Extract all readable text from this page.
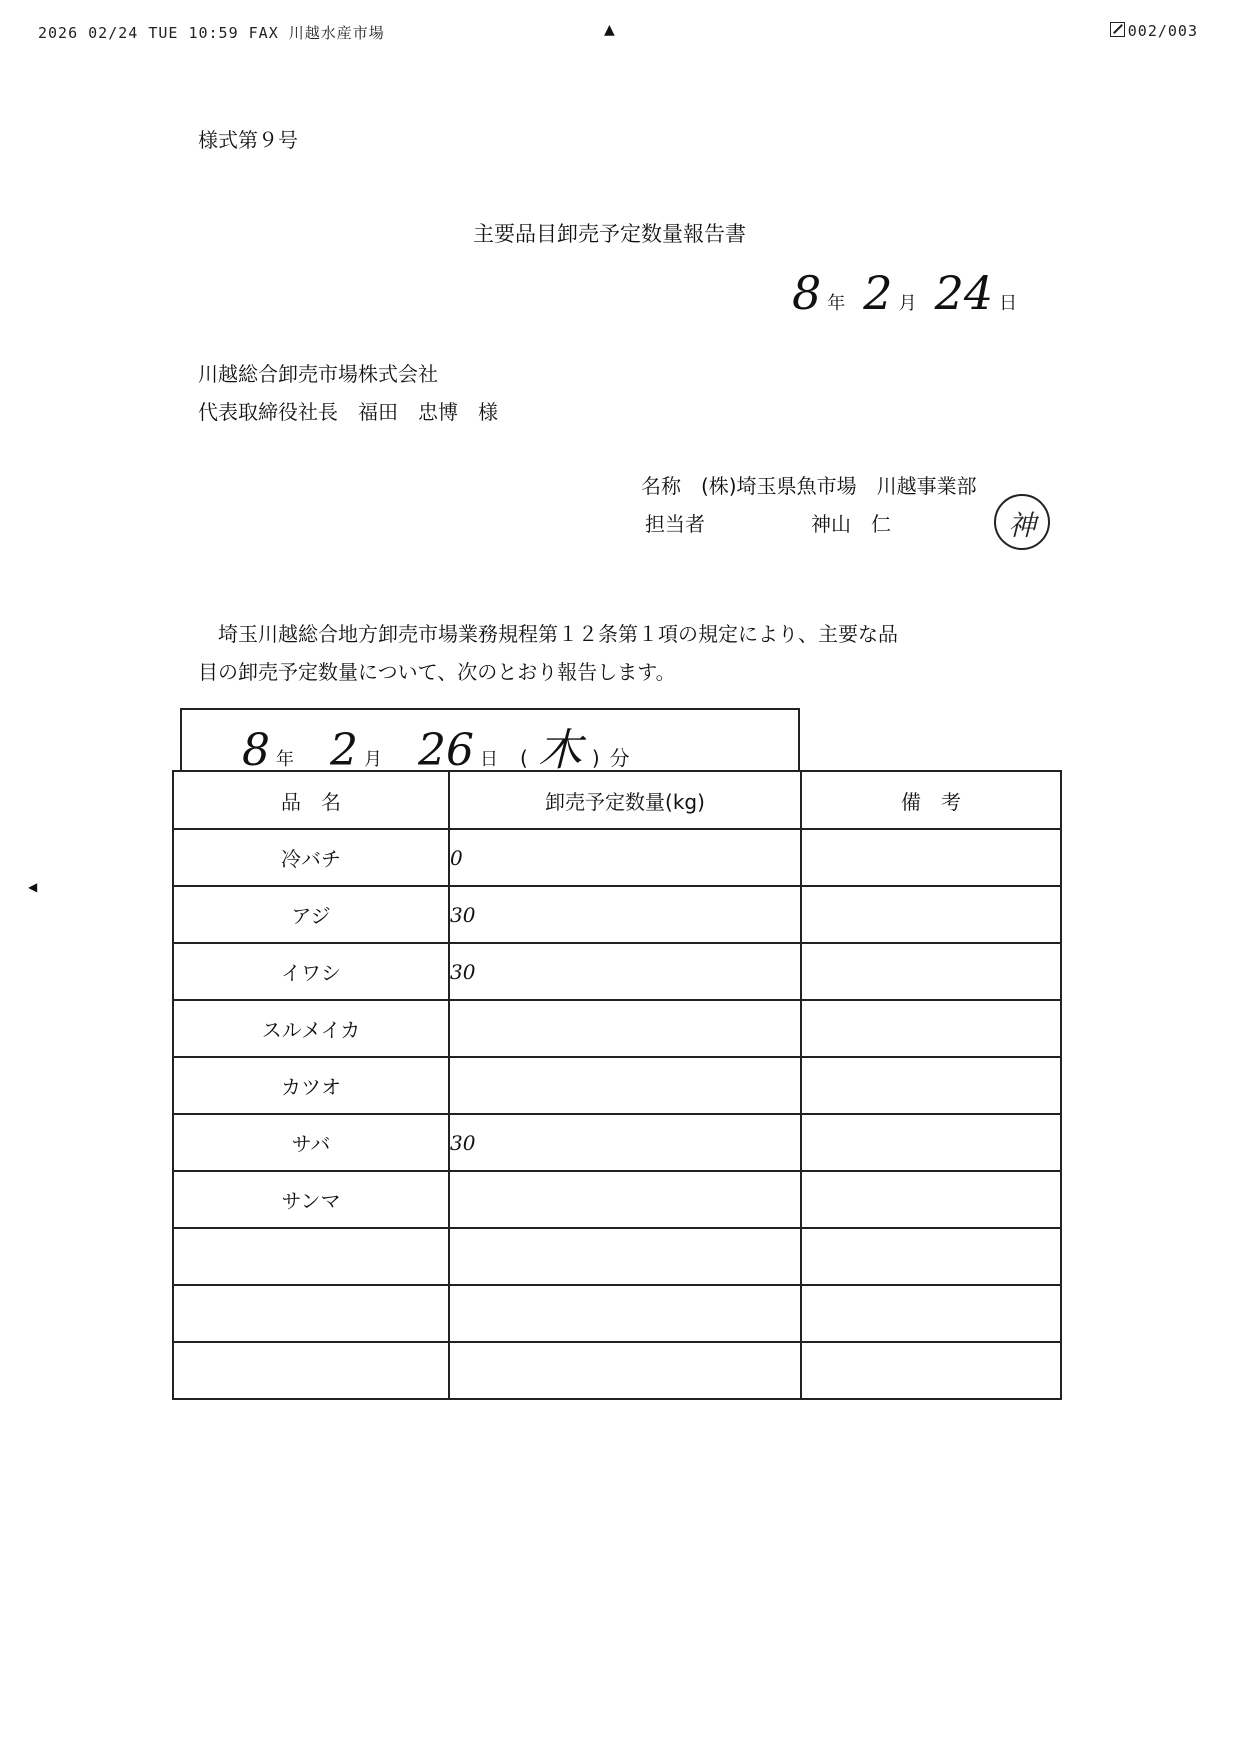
2026 02/24 TUE 10:59 FAX 川越水産市場	002/003
▲
◀
様式第９号
主要品目卸売予定数量報告書
8 年 2 月 24 日
川越総合卸売市場株式会社
代表取締役社長　福田　忠博　様
名称 (株)埼玉県魚市場　川越事業部
担当者	神山　仁	神
埼玉川越総合地方卸売市場業務規程第１２条第１項の規定により、主要な品
目の卸売予定数量について、次のとおり報告します。
8 年 2 月 26 日 ( 木 ) 分
品　名	卸売予定数量(kg)	備　考
冷バチ	0	
アジ	30	
イワシ	30	
スルメイカ		
カツオ		
サバ	30	
サンマ		
